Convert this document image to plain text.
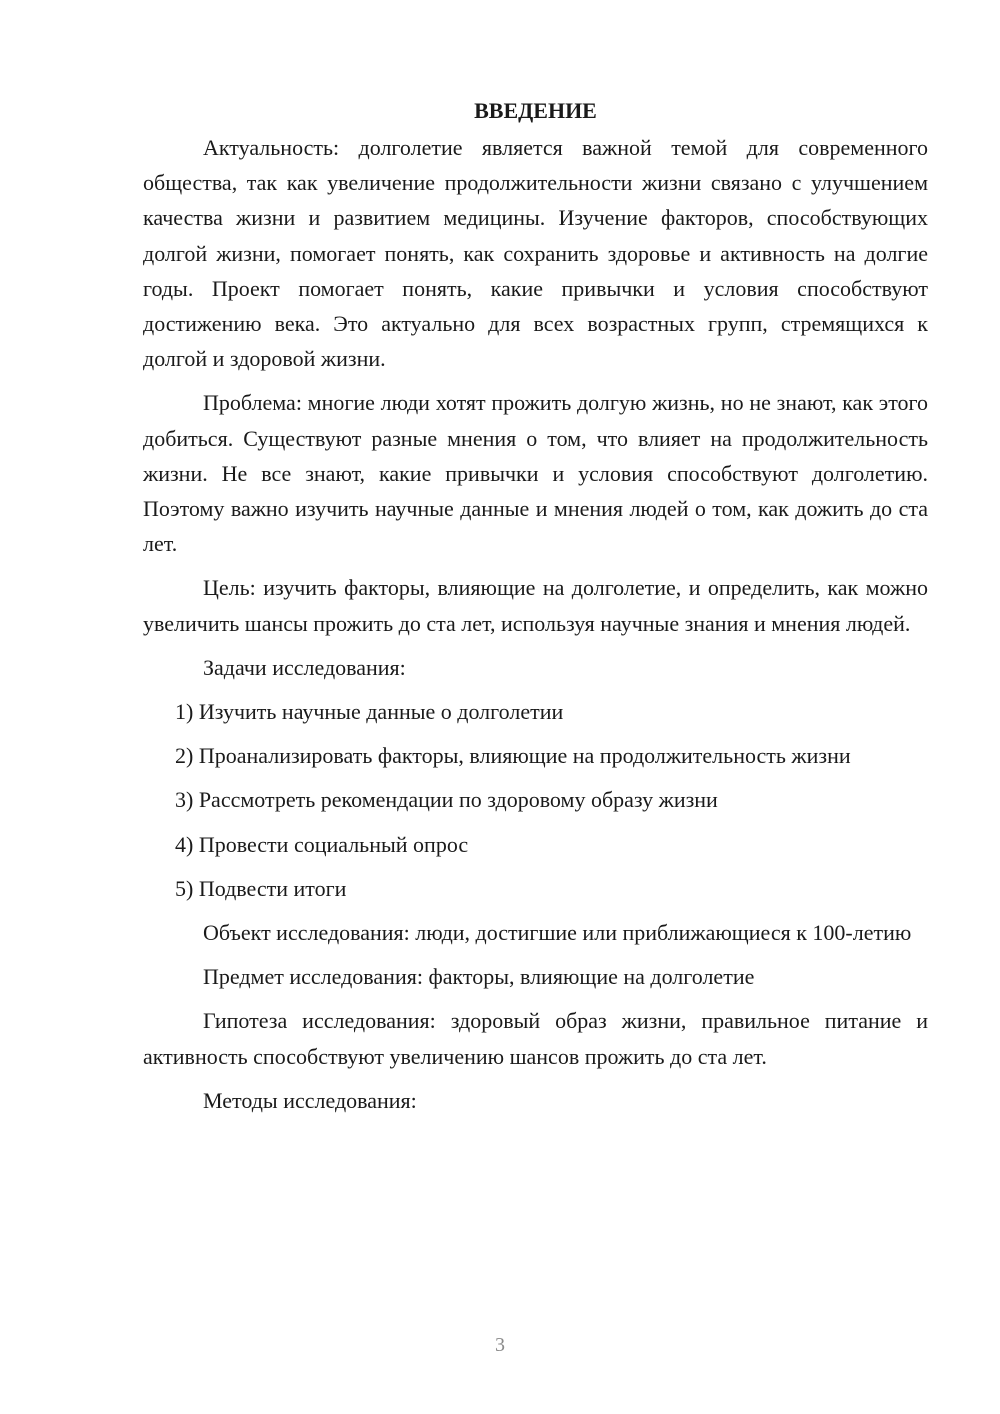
ВВЕДЕНИЕ

Актуальность: долголетие является важной темой для современного общества, так как увеличение продолжительности жизни связано с улучшением качества жизни и развитием медицины. Изучение факторов, способствующих долгой жизни, помогает понять, как сохранить здоровье и активность на долгие годы. Проект помогает понять, какие привычки и условия способствуют достижению века. Это актуально для всех возрастных групп, стремящихся к долгой и здоровой жизни.

Проблема: многие люди хотят прожить долгую жизнь, но не знают, как этого добиться. Существуют разные мнения о том, что влияет на продолжительность жизни. Не все знают, какие привычки и условия способствуют долголетию. Поэтому важно изучить научные данные и мнения людей о том, как дожить до ста лет.

Цель: изучить факторы, влияющие на долголетие, и определить, как можно увеличить шансы прожить до ста лет, используя научные знания и мнения людей.

Задачи исследования:

1) Изучить научные данные о долголетии

2) Проанализировать факторы, влияющие на продолжительность жизни

3) Рассмотреть рекомендации по здоровому образу жизни

4) Провести социальный опрос

5) Подвести итоги

Объект исследования: люди, достигшие или приближающиеся к 100-летию

Предмет исследования: факторы, влияющие на долголетие

Гипотеза исследования: здоровый образ жизни, правильное питание и активность способствуют увеличению шансов прожить до ста лет.

Методы исследования:

3
